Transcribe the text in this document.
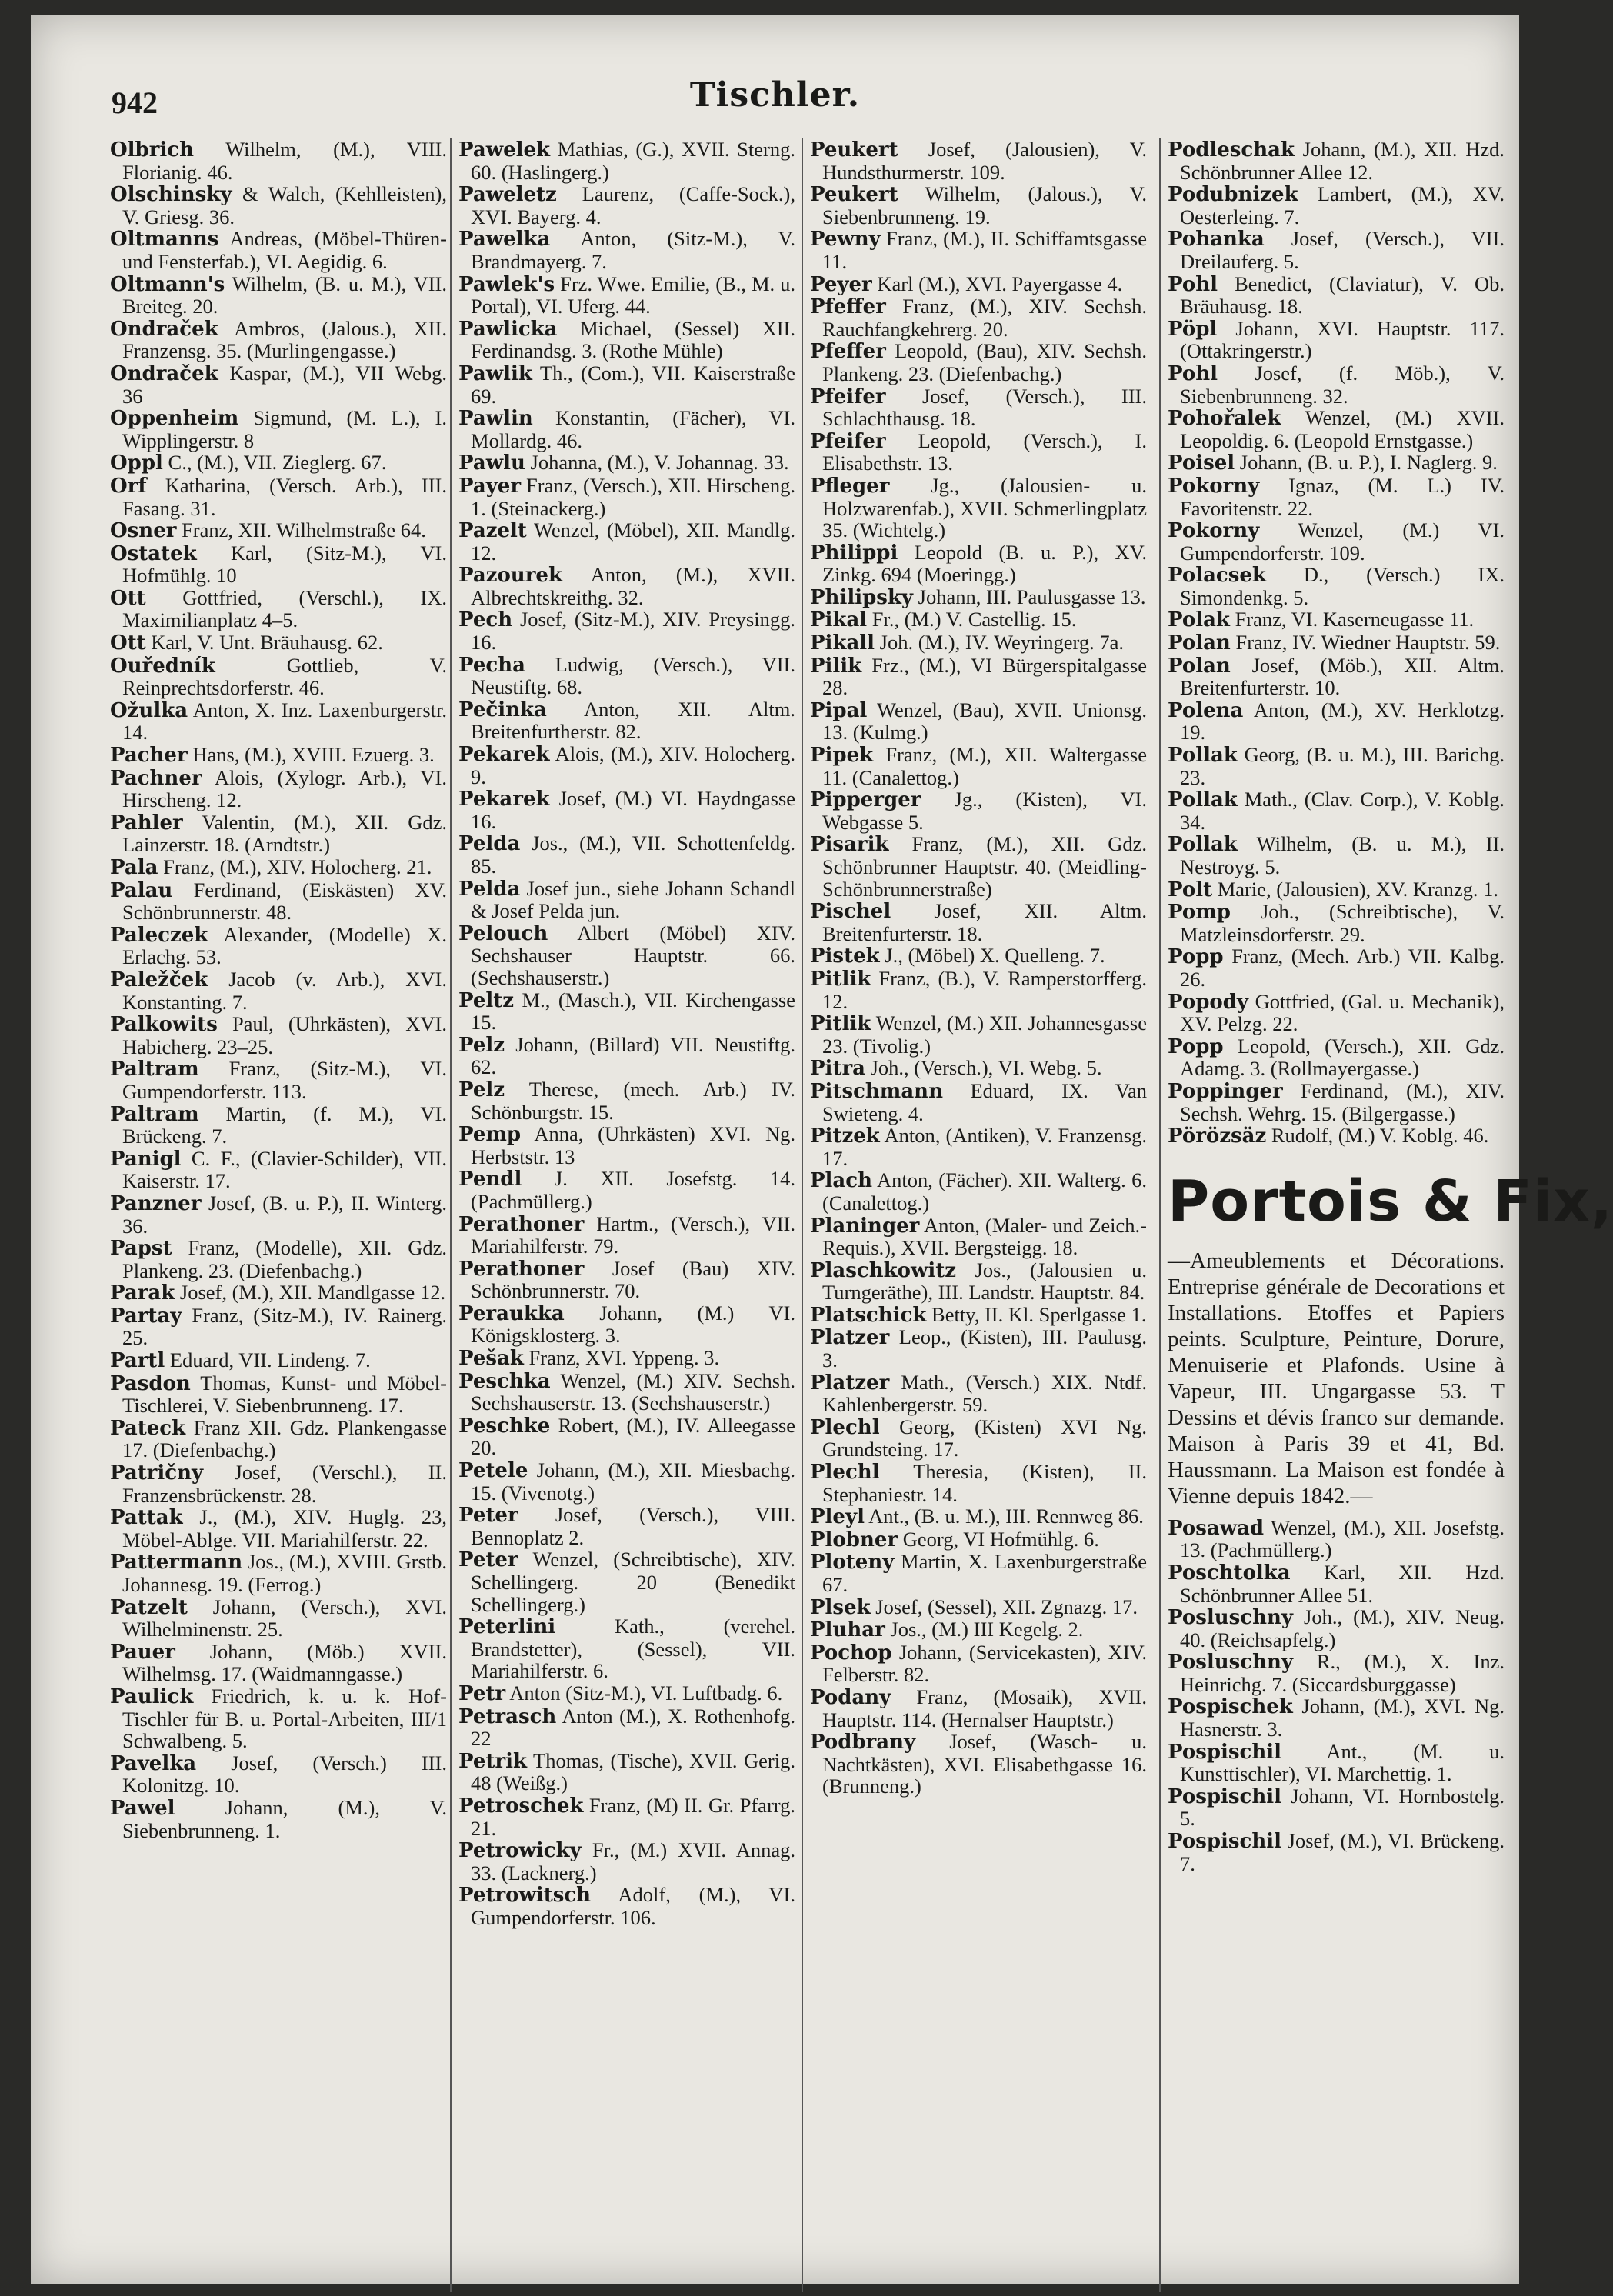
942	Tischler.
Olbrich Wilhelm, (M.), VIII. Florianig. 46.
Olschinsky & Walch, (Kehlleisten), V. Griesg. 36.
Oltmanns Andreas, (Möbel-Thüren- und Fensterfab.), VI. Aegidig. 6.
Oltmann's Wilhelm, (B. u. M.), VII. Breiteg. 20.
Ondraček Ambros, (Jalous.), XII. Franzensg. 35. (Murlingengasse.)
Ondraček Kaspar, (M.), VII Webg. 36
Oppenheim Sigmund, (M. L.), I. Wipplingerstr. 8
Oppl C., (M.), VII. Zieglerg. 67.
Orf Katharina, (Versch. Arb.), III. Fasang. 31.
Osner Franz, XII. Wilhelmstraße 64.
Ostatek Karl, (Sitz-M.), VI. Hofmühlg. 10
Ott Gottfried, (Verschl.), IX. Maximilianplatz 4–5.
Ott Karl, V. Unt. Bräuhausg. 62.
Ouředník Gottlieb, V. Reinprechtsdorferstr. 46.
Ožulka Anton, X. Inz. Laxenburgerstr. 14.
Pacher Hans, (M.), XVIII. Ezuerg. 3.
Pachner Alois, (Xylogr. Arb.), VI. Hirscheng. 12.
Pahler Valentin, (M.), XII. Gdz. Lainzerstr. 18. (Arndtstr.)
Pala Franz, (M.), XIV. Holocherg. 21.
Palau Ferdinand, (Eiskästen) XV. Schönbrunnerstr. 48.
Paleczek Alexander, (Modelle) X. Erlachg. 53.
Paležček Jacob (v. Arb.), XVI. Konstanting. 7.
Palkowits Paul, (Uhrkästen), XVI. Habicherg. 23–25.
Paltram Franz, (Sitz-M.), VI. Gumpendorferstr. 113.
Paltram Martin, (f. M.), VI. Brückeng. 7.
Panigl C. F., (Clavier-Schilder), VII. Kaiserstr. 17.
Panzner Josef, (B. u. P.), II. Winterg. 36.
Papst Franz, (Modelle), XII. Gdz. Plankeng. 23. (Diefenbachg.)
Parak Josef, (M.), XII. Mandlgasse 12.
Partay Franz, (Sitz-M.), IV. Rainerg. 25.
Partl Eduard, VII. Lindeng. 7.
Pasdon Thomas, Kunst- und Möbel-Tischlerei, V. Siebenbrunneng. 17.
Pateck Franz XII. Gdz. Plankengasse 17. (Diefenbachg.)
Patričny Josef, (Verschl.), II. Franzensbrückenstr. 28.
Pattak J., (M.), XIV. Huglg. 23, Möbel-Ablge. VII. Mariahilferstr. 22.
Pattermann Jos., (M.), XVIII. Grstb. Johannesg. 19. (Ferrog.)
Patzelt Johann, (Versch.), XVI. Wilhelminenstr. 25.
Pauer Johann, (Möb.) XVII. Wilhelmsg. 17. (Waidmanngasse.)
Paulick Friedrich, k. u. k. Hof-Tischler für B. u. Portal-Arbeiten, III/1 Schwalbeng. 5.
Pavelka Josef, (Versch.) III. Kolonitzg. 10.
Pawel Johann, (M.), V. Siebenbrunneng. 1.
Pawelek Mathias, (G.), XVII. Sterng. 60. (Haslingerg.)
Paweletz Laurenz, (Caffe-Sock.), XVI. Bayerg. 4.
Pawelka Anton, (Sitz-M.), V. Brandmayerg. 7.
Pawlek's Frz. Wwe. Emilie, (B., M. u. Portal), VI. Uferg. 44.
Pawlicka Michael, (Sessel) XII. Ferdinandsg. 3. (Rothe Mühle)
Pawlik Th., (Com.), VII. Kaiserstraße 69.
Pawlin Konstantin, (Fächer), VI. Mollardg. 46.
Pawlu Johanna, (M.), V. Johannag. 33.
Payer Franz, (Versch.), XII. Hirscheng. 1. (Steinackerg.)
Pazelt Wenzel, (Möbel), XII. Mandlg. 12.
Pazourek Anton, (M.), XVII. Albrechtskreithg. 32.
Pech Josef, (Sitz-M.), XIV. Preysingg. 16.
Pecha Ludwig, (Versch.), VII. Neustiftg. 68.
Pečinka Anton, XII. Altm. Breitenfurtherstr. 82.
Pekarek Alois, (M.), XIV. Holocherg. 9.
Pekarek Josef, (M.) VI. Haydngasse 16.
Pelda Jos., (M.), VII. Schottenfeldg. 85.
Pelda Josef jun., siehe Johann Schandl & Josef Pelda jun.
Pelouch Albert (Möbel) XIV. Sechshauser Hauptstr. 66. (Sechshauserstr.)
Peltz M., (Masch.), VII. Kirchengasse 15.
Pelz Johann, (Billard) VII. Neustiftg. 62.
Pelz Therese, (mech. Arb.) IV. Schönburgstr. 15.
Pemp Anna, (Uhrkästen) XVI. Ng. Herbststr. 13
Pendl J. XII. Josefstg. 14. (Pachmüllerg.)
Perathoner Hartm., (Versch.), VII. Mariahilferstr. 79.
Perathoner Josef (Bau) XIV. Schönbrunnerstr. 70.
Peraukka Johann, (M.) VI. Königsklosterg. 3.
Pešak Franz, XVI. Yppeng. 3.
Peschka Wenzel, (M.) XIV. Sechsh. Sechshauserstr. 13. (Sechshauserstr.)
Peschke Robert, (M.), IV. Alleegasse 20.
Petele Johann, (M.), XII. Miesbachg. 15. (Vivenotg.)
Peter Josef, (Versch.), VIII. Bennoplatz 2.
Peter Wenzel, (Schreibtische), XIV. Schellingerg. 20 (Benedikt Schellingerg.)
Peterlini Kath., (verehel. Brandstetter), (Sessel), VII. Mariahilferstr. 6.
Petr Anton (Sitz-M.), VI. Luftbadg. 6.
Petrasch Anton (M.), X. Rothenhofg. 22
Petrik Thomas, (Tische), XVII. Gerig. 48 (Weißg.)
Petroschek Franz, (M) II. Gr. Pfarrg. 21.
Petrowicky Fr., (M.) XVII. Annag. 33. (Lacknerg.)
Petrowitsch Adolf, (M.), VI. Gumpendorferstr. 106.
Peukert Josef, (Jalousien), V. Hundsthurmerstr. 109.
Peukert Wilhelm, (Jalous.), V. Siebenbrunneng. 19.
Pewny Franz, (M.), II. Schiffamtsgasse 11.
Peyer Karl (M.), XVI. Payergasse 4.
Pfeffer Franz, (M.), XIV. Sechsh. Rauchfangkehrerg. 20.
Pfeffer Leopold, (Bau), XIV. Sechsh. Plankeng. 23. (Diefenbachg.)
Pfeifer Josef, (Versch.), III. Schlachthausg. 18.
Pfeifer Leopold, (Versch.), I. Elisabethstr. 13.
Pfleger Jg., (Jalousien- u. Holzwarenfab.), XVII. Schmerlingplatz 35. (Wichtelg.)
Philippi Leopold (B. u. P.), XV. Zinkg. 694 (Moeringg.)
Philipsky Johann, III. Paulusgasse 13.
Pikal Fr., (M.) V. Castellig. 15.
Pikall Joh. (M.), IV. Weyringerg. 7a.
Pilik Frz., (M.), VI Bürgerspitalgasse 28.
Pipal Wenzel, (Bau), XVII. Unionsg. 13. (Kulmg.)
Pipek Franz, (M.), XII. Waltergasse 11. (Canalettog.)
Pipperger Jg., (Kisten), VI. Webgasse 5.
Pisarik Franz, (M.), XII. Gdz. Schönbrunner Hauptstr. 40. (Meidling-Schönbrunnerstraße)
Pischel Josef, XII. Altm. Breitenfurterstr. 18.
Pistek J., (Möbel) X. Quelleng. 7.
Pitlik Franz, (B.), V. Ramperstorfferg. 12.
Pitlik Wenzel, (M.) XII. Johannesgasse 23. (Tivolig.)
Pitra Joh., (Versch.), VI. Webg. 5.
Pitschmann Eduard, IX. Van Swieteng. 4.
Pitzek Anton, (Antiken), V. Franzensg. 17.
Plach Anton, (Fächer). XII. Walterg. 6. (Canalettog.)
Planinger Anton, (Maler- und Zeich.-Requis.), XVII. Bergsteigg. 18.
Plaschkowitz Jos., (Jalousien u. Turngeräthe), III. Landstr. Hauptstr. 84.
Platschick Betty, II. Kl. Sperlgasse 1.
Platzer Leop., (Kisten), III. Paulusg. 3.
Platzer Math., (Versch.) XIX. Ntdf. Kahlenbergerstr. 59.
Plechl Georg, (Kisten) XVI Ng. Grundsteing. 17.
Plechl Theresia, (Kisten), II. Stephaniestr. 14.
Pleyl Ant., (B. u. M.), III. Rennweg 86.
Plobner Georg, VI Hofmühlg. 6.
Ploteny Martin, X. Laxenburgerstraße 67.
Plsek Josef, (Sessel), XII. Zgnazg. 17.
Pluhar Jos., (M.) III Kegelg. 2.
Pochop Johann, (Servicekasten), XIV. Felberstr. 82.
Podany Franz, (Mosaik), XVII. Hauptstr. 114. (Hernalser Hauptstr.)
Podbrany Josef, (Wasch- u. Nachtkästen), XVI. Elisabethgasse 16. (Brunneng.)
Podleschak Johann, (M.), XII. Hzd. Schönbrunner Allee 12.
Podubnizek Lambert, (M.), XV. Oesterleing. 7.
Pohanka Josef, (Versch.), VII. Dreilauferg. 5.
Pohl Benedict, (Claviatur), V. Ob. Bräuhausg. 18.
Pöpl Johann, XVI. Hauptstr. 117. (Ottakringerstr.)
Pohl Josef, (f. Möb.), V. Siebenbrunneng. 32.
Pohořalek Wenzel, (M.) XVII. Leopoldig. 6. (Leopold Ernstgasse.)
Poisel Johann, (B. u. P.), I. Naglerg. 9.
Pokorny Ignaz, (M. L.) IV. Favoritenstr. 22.
Pokorny Wenzel, (M.) VI. Gumpendorferstr. 109.
Polacsek D., (Versch.) IX. Simondenkg. 5.
Polak Franz, VI. Kaserneugasse 11.
Polan Franz, IV. Wiedner Hauptstr. 59.
Polan Josef, (Möb.), XII. Altm. Breitenfurterstr. 10.
Polena Anton, (M.), XV. Herklotzg. 19.
Pollak Georg, (B. u. M.), III. Barichg. 23.
Pollak Math., (Clav. Corp.), V. Koblg. 34.
Pollak Wilhelm, (B. u. M.), II. Nestroyg. 5.
Polt Marie, (Jalousien), XV. Kranzg. 1.
Pomp Joh., (Schreibtische), V. Matzleinsdorferstr. 29.
Popp Franz, (Mech. Arb.) VII. Kalbg. 26.
Popody Gottfried, (Gal. u. Mechanik), XV. Pelzg. 22.
Popp Leopold, (Versch.), XII. Gdz. Adamg. 3. (Rollmayergasse.)
Poppinger Ferdinand, (M.), XIV. Sechsh. Wehrg. 15. (Bilgergasse.)
Pörözsäz Rudolf, (M.) V. Koblg. 46.
Portois & Fix,
—Ameublements et Décorations. Entreprise générale de Decorations et Installations. Etoffes et Papiers peints. Sculpture, Peinture, Dorure, Menuiserie et Plafonds. Usine à Vapeur, III. Ungargasse 53. T Dessins et dévis franco sur demande. Maison à Paris 39 et 41, Bd. Haussmann. La Maison est fondée à Vienne depuis 1842.—
Posawad Wenzel, (M.), XII. Josefstg. 13. (Pachmüllerg.)
Poschtolka Karl, XII. Hzd. Schönbrunner Allee 51.
Posluschny Joh., (M.), XIV. Neug. 40. (Reichsapfelg.)
Posluschny R., (M.), X. Inz. Heinrichg. 7. (Siccardsburggasse)
Pospischek Johann, (M.), XVI. Ng. Hasnerstr. 3.
Pospischil Ant., (M. u. Kunsttischler), VI. Marchettig. 1.
Pospischil Johann, VI. Hornbostelg. 5.
Pospischil Josef, (M.), VI. Brückeng. 7.
